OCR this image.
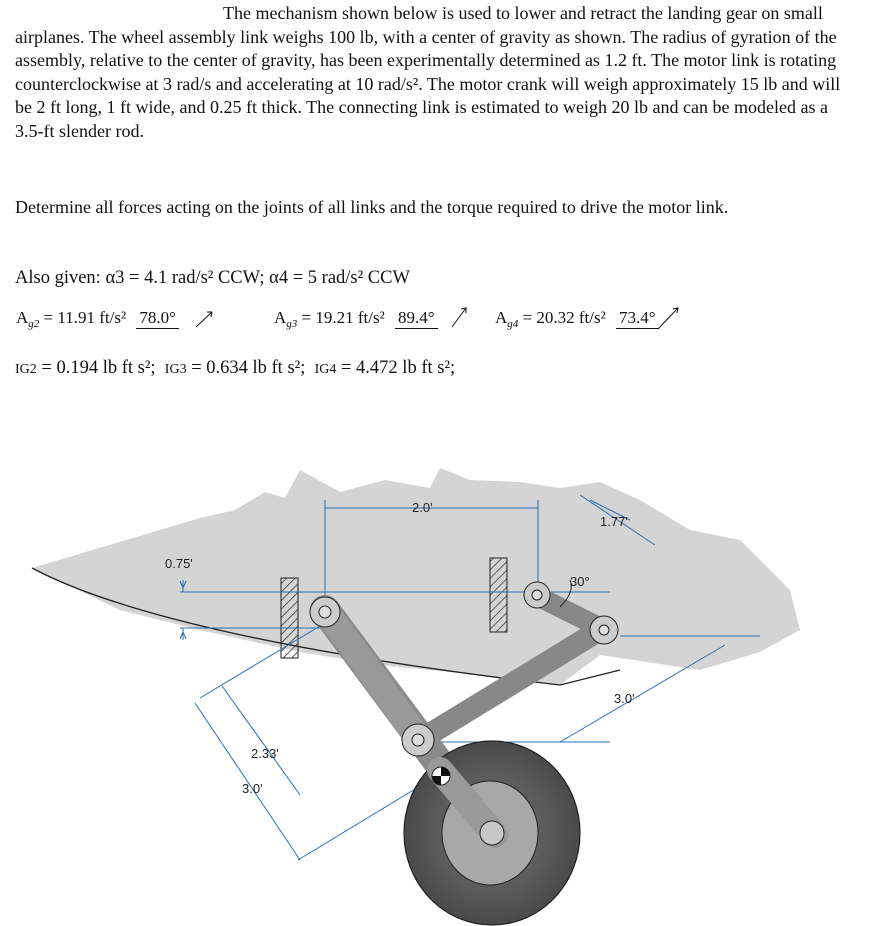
The mechanism shown below is used to lower and retract the landing gear on small airplanes. The wheel assembly link weighs 100 lb, with a center of gravity as shown. The radius of gyration of the assembly, relative to the center of gravity, has been experimentally determined as 1.2 ft. The motor link is rotating counterclockwise at 3 rad/s and accelerating at 10 rad/s². The motor crank will weigh approximately 15 lb and will be 2 ft long, 1 ft wide, and 0.25 ft thick. The connecting link is estimated to weigh 20 lb and can be modeled as a 3.5-ft slender rod.
Determine all forces acting on the joints of all links and the torque required to drive the motor link.
Also given: α3 = 4.1 rad/s² CCW; α4 = 5 rad/s² CCW
$A_{g2} = 11.91$ ft/s² 78.0°	$A_{g3} = 19.21$ ft/s² 89.4°	$A_{g4} = 20.32$ ft/s² 73.4°
IG2 = 0.194 lb ft s²; IG3 = 0.634 lb ft s²; IG4 = 4.472 lb ft s²;
2.0'
1.77'
0.75'
30°
3.0'
2.33'
3.0'
